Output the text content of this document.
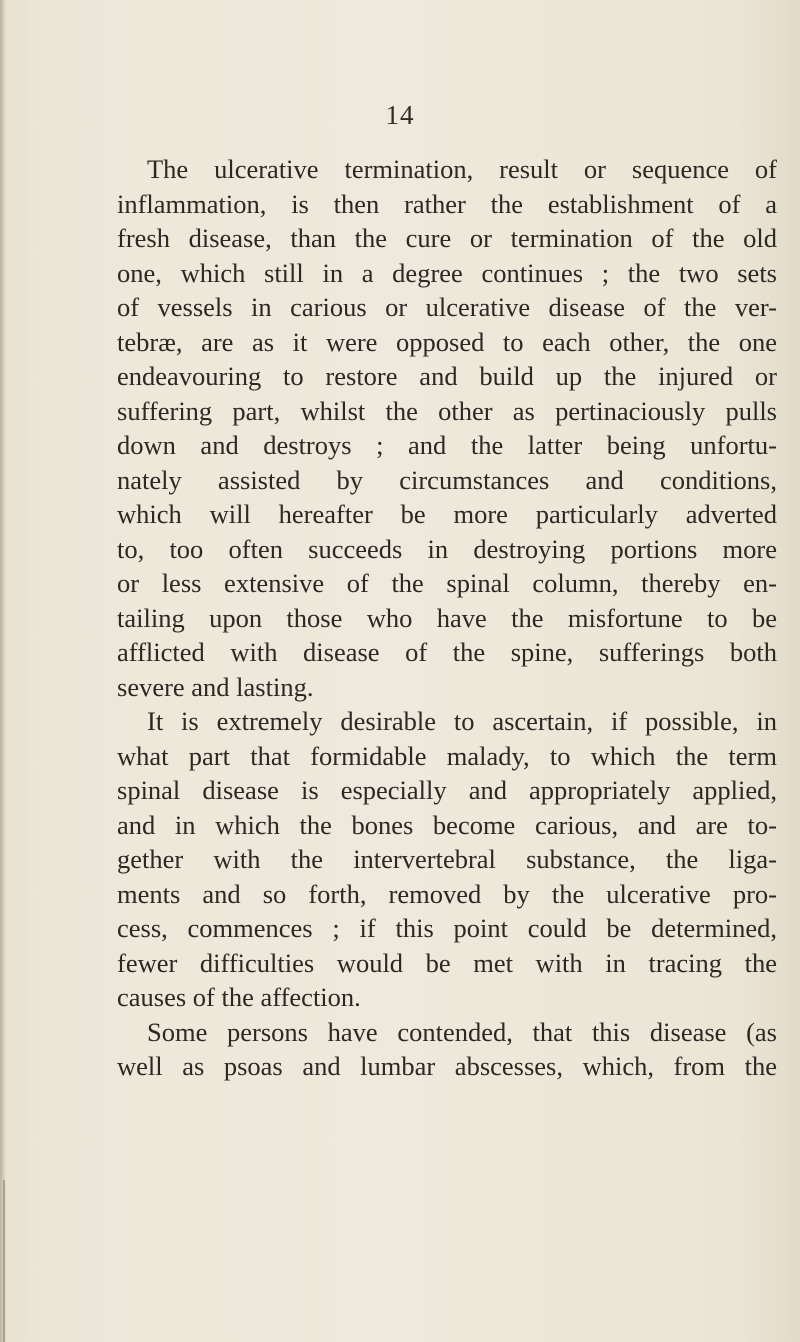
14
The ulcerative termination, result or sequence of
inflammation, is then rather the establishment of a
fresh disease, than the cure or termination of the old
one, which still in a degree continues ; the two sets
of vessels in carious or ulcerative disease of the ver-
tebræ, are as it were opposed to each other, the one
endeavouring to restore and build up the injured or
suffering part, whilst the other as pertinaciously pulls
down and destroys ; and the latter being unfortu-
nately assisted by circumstances and conditions,
which will hereafter be more particularly adverted
to, too often succeeds in destroying portions more
or less extensive of the spinal column, thereby en-
tailing upon those who have the misfortune to be
afflicted with disease of the spine, sufferings both
severe and lasting.
It is extremely desirable to ascertain, if possible, in
what part that formidable malady, to which the term
spinal disease is especially and appropriately applied,
and in which the bones become carious, and are to-
gether with the intervertebral substance, the liga-
ments and so forth, removed by the ulcerative pro-
cess, commences ; if this point could be determined,
fewer difficulties would be met with in tracing the
causes of the affection.
Some persons have contended, that this disease (as
well as psoas and lumbar abscesses, which, from the
